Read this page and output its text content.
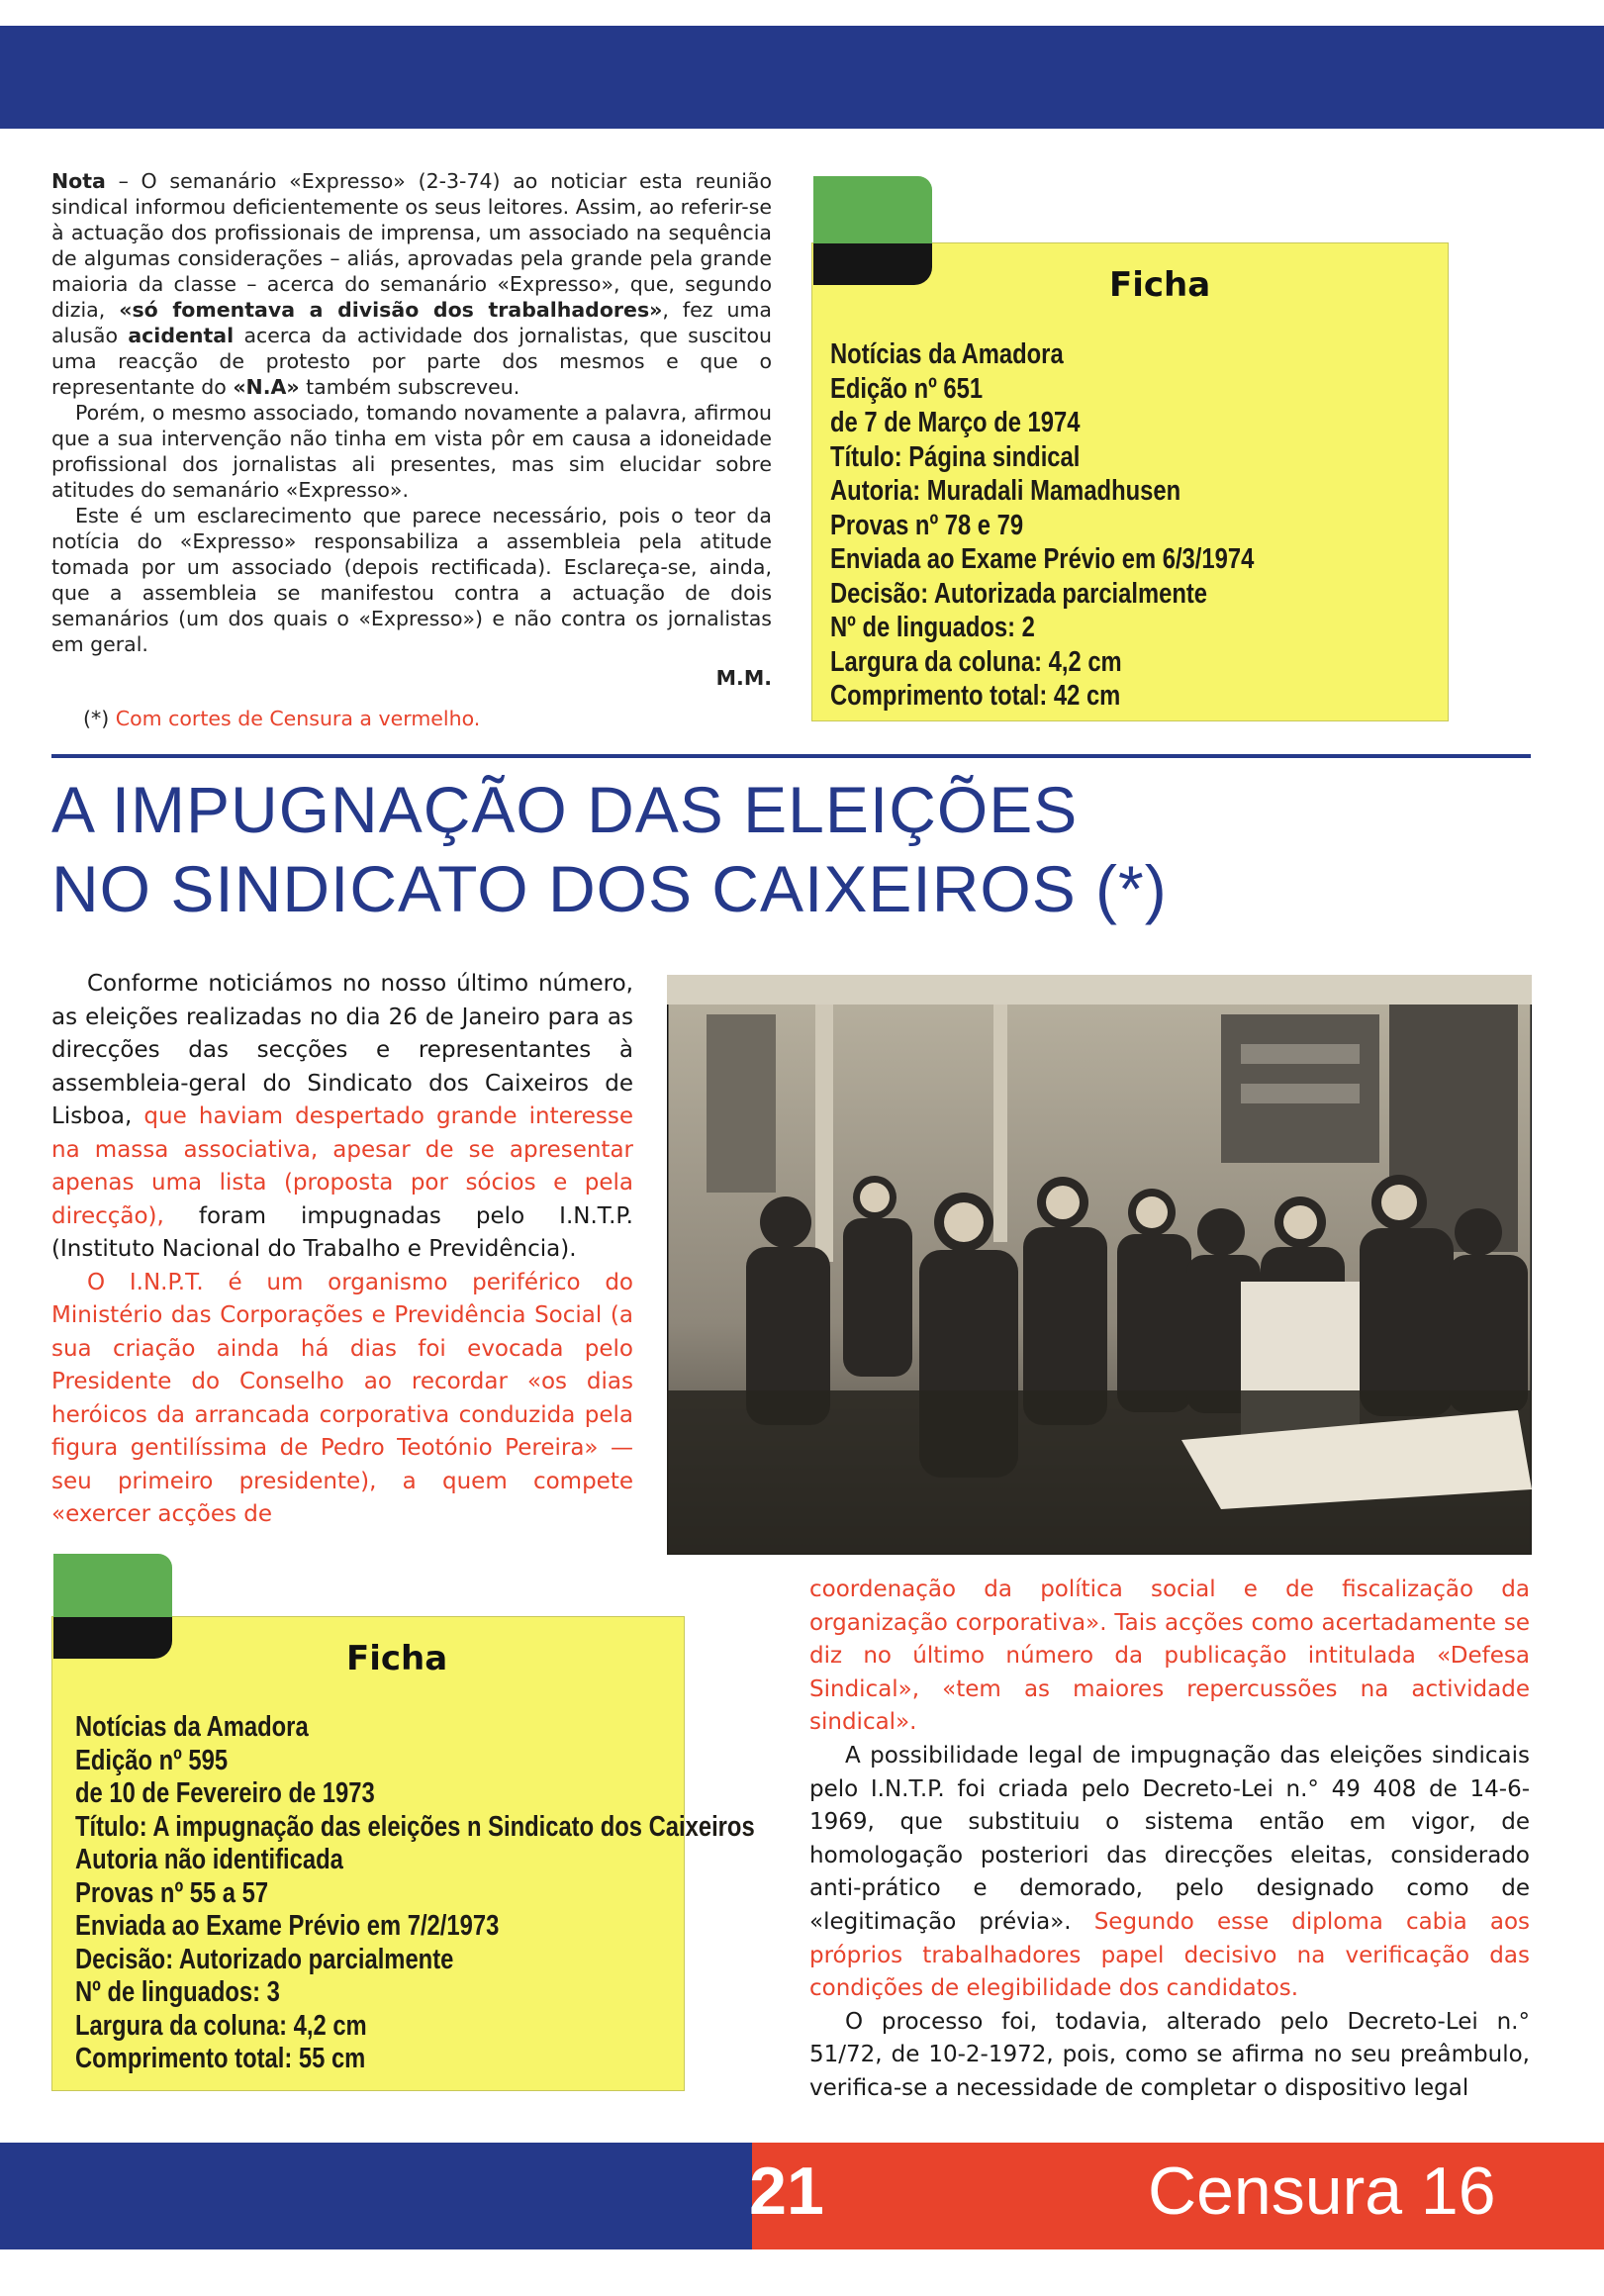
Nota – O semanário «Expresso» (2-3-74) ao noticiar esta reunião sindical informou deficientemente os seus leitores. Assim, ao referir-se à actuação dos profissionais de imprensa, um associado na sequência de algumas considerações – aliás, aprovadas pela grande pela grande maioria da classe – acerca do semanário «Expresso», que, segundo dizia, «só fomentava a divisão dos trabalhadores», fez uma alusão acidental acerca da actividade dos jornalistas, que suscitou uma reacção de protesto por parte dos mesmos e que o representante do «N.A» também subscreveu.

Porém, o mesmo associado, tomando novamente a palavra, afirmou que a sua intervenção não tinha em vista pôr em causa a idoneidade profissional dos jornalistas ali presentes, mas sim elucidar sobre atitudes do semanário «Expresso».

Este é um esclarecimento que parece necessário, pois o teor da notícia do «Expresso» responsabiliza a assembleia pela atitude tomada por um associado (depois rectificada). Esclareça-se, ainda, que a assembleia se manifestou contra a actuação de dois semanários (um dos quais o «Expresso») e não contra os jornalistas em geral.

M.M.
(*) Com cortes de Censura a vermelho.
Ficha
Notícias da Amadora
Edição nº 651
de 7 de Março de 1974
Título: Página sindical
Autoria: Muradali Mamadhusen
Provas nº 78 e 79
Enviada ao Exame Prévio em 6/3/1974
Decisão: Autorizada parcialmente
Nº de linguados: 2
Largura da coluna: 4,2 cm
Comprimento total: 42 cm
A IMPUGNAÇÃO DAS ELEIÇÕES
NO SINDICATO DOS CAIXEIROS (*)

Conforme noticiámos no nosso último número, as eleições realizadas no dia 26 de Janeiro para as direcções das secções e representantes à assembleia-geral do Sindicato dos Caixeiros de Lisboa, que haviam despertado grande interesse na massa associativa, apesar de se apresentar apenas uma lista (proposta por sócios e pela direcção), foram impugnadas pelo I.N.T.P. (Instituto Nacional do Trabalho e Previdência).

O I.N.P.T. é um organismo periférico do Ministério das Corporações e Previdência Social (a sua criação ainda há dias foi evocada pelo Presidente do Conselho ao recordar «os dias heróicos da arrancada corporativa conduzida pela figura gentilíssima de Pedro Teotónio Pereira» — seu primeiro presidente), a quem compete «exercer acções de

Ficha
Notícias da Amadora
Edição nº 595
de 10 de Fevereiro de 1973
Título: A impugnação das eleições n Sindicato dos Caixeiros
Autoria não identificada
Provas nº 55 a 57
Enviada ao Exame Prévio em 7/2/1973
Decisão: Autorizado parcialmente
Nº de linguados: 3
Largura da coluna: 4,2 cm
Comprimento total: 55 cm

coordenação da política social e de fiscalização da organização corporativa». Tais acções como acertadamente se diz no último número da publicação intitulada «Defesa Sindical», «tem as maiores repercussões na actividade sindical».

A possibilidade legal de impugnação das eleições sindicais pelo I.N.T.P. foi criada pelo Decreto-Lei n.° 49 408 de 14-6-1969, que substituiu o sistema então em vigor, de homologação posteriori das direcções eleitas, considerado anti-prático e demorado, pelo designado como de «legitimação prévia». Segundo esse diploma cabia aos próprios trabalhadores papel decisivo na verificação das condições de elegibilidade dos candidatos.

O processo foi, todavia, alterado pelo Decreto-Lei n.° 51/72, de 10-2-1972, pois, como se afirma no seu preâmbulo, verifica-se a necessidade de completar o dispositivo legal

21	Censura 16
